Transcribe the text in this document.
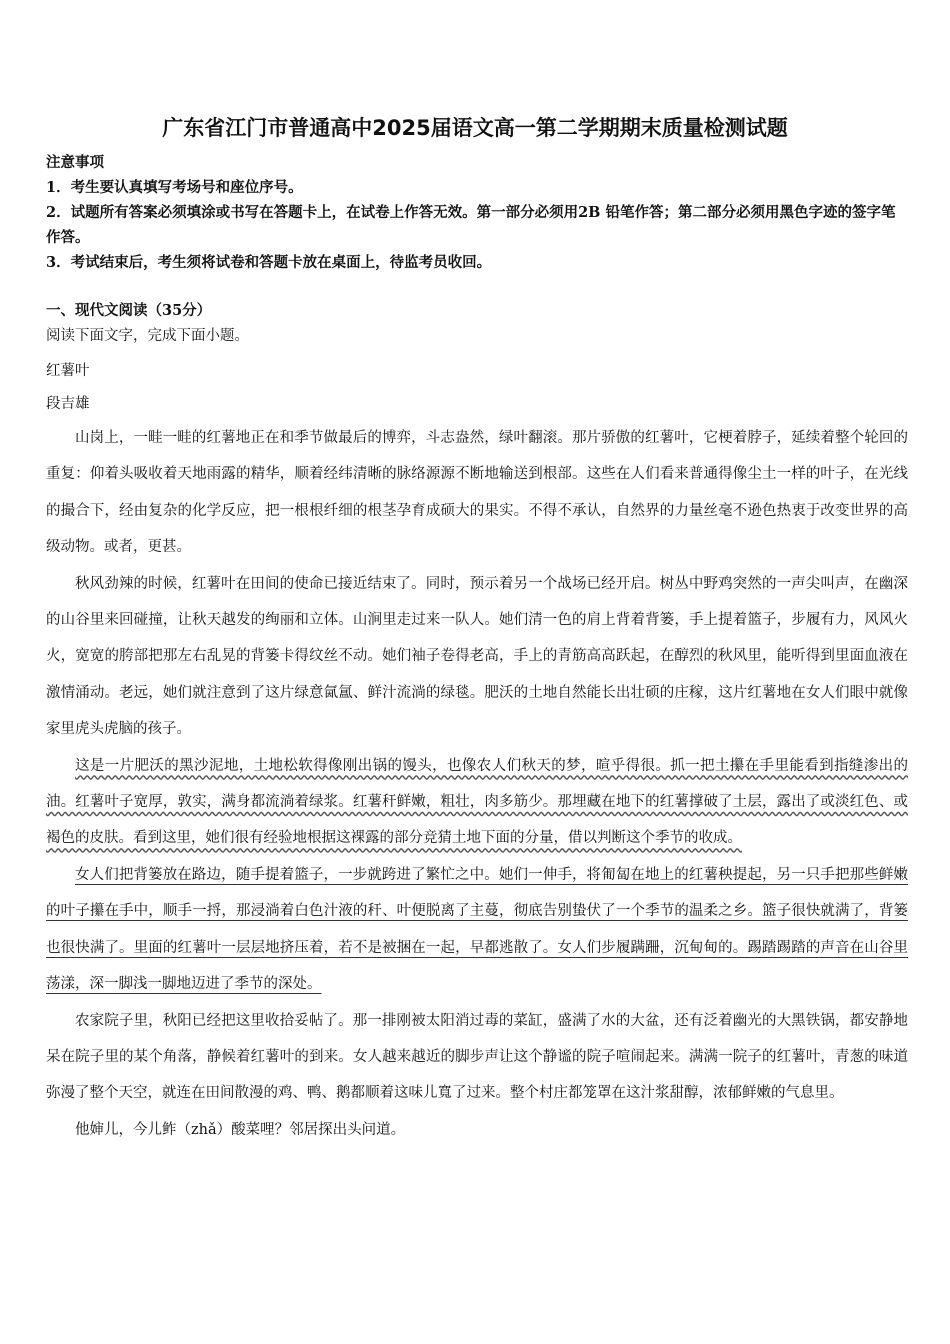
广东省江门市普通高中2025届语文高一第二学期期末质量检测试题

注意事项

1．考生要认真填写考场号和座位序号。

2．试题所有答案必须填涂或书写在答题卡上，在试卷上作答无效。第一部分必须用2B 铅笔作答；第二部分必须用黑色字迹的签字笔作答。

3．考试结束后，考生须将试卷和答题卡放在桌面上，待监考员收回。

一、现代文阅读（35分）
阅读下面文字，完成下面小题。
红薯叶
段吉雄

山岗上，一畦一畦的红薯地正在和季节做最后的博弈，斗志盎然，绿叶翻滚。那片骄傲的红薯叶，它梗着脖子，延续着整个轮回的重复：仰着头吸收着天地雨露的精华，顺着经纬清晰的脉络源源不断地输送到根部。这些在人们看来普通得像尘土一样的叶子，在光线的撮合下，经由复杂的化学反应，把一根根纤细的根茎孕育成硕大的果实。不得不承认，自然界的力量丝毫不逊色热衷于改变世界的高级动物。或者，更甚。

秋风劲辣的时候，红薯叶在田间的使命已接近结束了。同时，预示着另一个战场已经开启。树丛中野鸡突然的一声尖叫声，在幽深的山谷里来回碰撞，让秋天越发的绚丽和立体。山涧里走过来一队人。她们清一色的肩上背着背篓，手上提着篮子，步履有力，风风火火，宽宽的胯部把那左右乱晃的背篓卡得纹丝不动。她们袖子卷得老高，手上的青筋高高跃起，在醇烈的秋风里，能听得到里面血液在激情涌动。老远，她们就注意到了这片绿意氤氲、鲜汁流淌的绿毯。肥沃的土地自然能长出壮硕的庄稼，这片红薯地在女人们眼中就像家里虎头虎脑的孩子。

这是一片肥沃的黑沙泥地，土地松软得像刚出锅的馒头，也像农人们秋天的梦，暄乎得很。抓一把土攥在手里能看到指缝渗出的油。红薯叶子宽厚，敦实，满身都流淌着绿浆。红薯秆鲜嫩，粗壮，肉多筋少。那埋藏在地下的红薯撑破了土层，露出了或淡红色、或褐色的皮肤。看到这里，她们很有经验地根据这裸露的部分竞猜土地下面的分量，借以判断这个季节的收成。

女人们把背篓放在路边，随手提着篮子，一步就跨进了繁忙之中。她们一伸手，将匍匐在地上的红薯秧提起，另一只手把那些鲜嫩的叶子攥在手中，顺手一捋，那浸淌着白色汁液的秆、叶便脱离了主蔓，彻底告别蛰伏了一个季节的温柔之乡。篮子很快就满了，背篓也很快满了。里面的红薯叶一层层地挤压着，若不是被捆在一起，早都逃散了。女人们步履蹒跚，沉甸甸的。踢踏踢踏的声音在山谷里荡漾，深一脚浅一脚地迈进了季节的深处。

农家院子里，秋阳已经把这里收拾妥帖了。那一排刚被太阳消过毒的菜缸，盛满了水的大盆，还有泛着幽光的大黑铁锅，都安静地呆在院子里的某个角落，静候着红薯叶的到来。女人越来越近的脚步声让这个静谧的院子喧闹起来。满满一院子的红薯叶，青葱的味道弥漫了整个天空，就连在田间散漫的鸡、鸭、鹅都顺着这味儿寬了过来。整个村庄都笼罩在这汁浆甜醇，浓郁鲜嫩的气息里。

他婶儿，今儿鲊（zhǎ）酸菜哩？邻居探出头问道。
